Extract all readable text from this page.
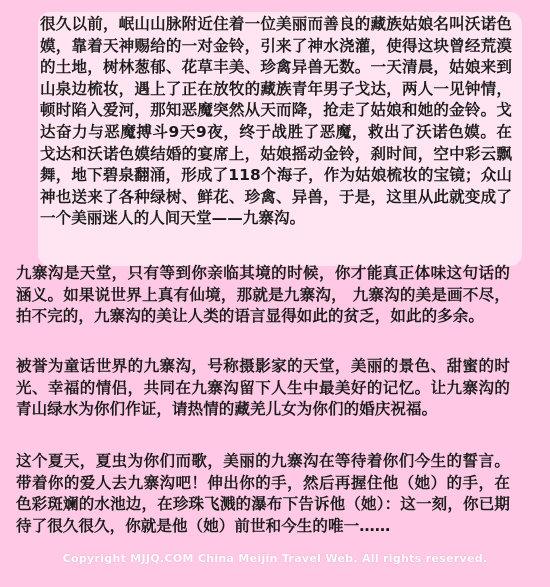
很久以前，岷山山脉附近住着一位美丽而善良的藏族姑娘名叫沃诺色嫫，靠着天神赐给的一对金铃，引来了神水浇灌，使得这块曾经荒漠的土地，树林葱郁、花草丰美、珍禽异兽无数。一天清晨，姑娘来到山泉边梳妆，遇上了正在放牧的藏族青年男子戈达，两人一见钟情，顿时陷入爱河，那知恶魔突然从天而降，抢走了姑娘和她的金铃。戈达奋力与恶魔搏斗9天9夜，终于战胜了恶魔，救出了沃诺色嫫。在戈达和沃诺色嫫结婚的宴席上，姑娘摇动金铃，刹时间，空中彩云飘舞，地下碧泉翻涌，形成了118个海子，作为姑娘梳妆的宝镜；众山神也送来了各种绿树、鲜花、珍禽、异兽，于是，这里从此就变成了一个美丽迷人的人间天堂——九寨沟。
九寨沟是天堂，只有等到你亲临其境的时候，你才能真正体味这句话的涵义。如果说世界上真有仙境，那就是九寨沟， 九寨沟的美是画不尽，拍不完的，九寨沟的美让人类的语言显得如此的贫乏，如此的多余。
被誉为童话世界的九寨沟，号称摄影家的天堂，美丽的景色、甜蜜的时光、幸福的情侣，共同在九寨沟留下人生中最美好的记忆。让九寨沟的青山绿水为你们作证，请热情的藏羌儿女为你们的婚庆祝福。
这个夏天，夏虫为你们而歌，美丽的九寨沟在等待着你们今生的誓言。带着你的爱人去九寨沟吧！伸出你的手，然后再握住他（她）的手，在色彩斑斓的水池边，在珍珠飞溅的瀑布下告诉他（她）：这一刻，你已期待了很久很久，你就是他（她）前世和今生的唯一……
Copyright MJJQ.COM China Meijin Travel Web. All rights reserved.
